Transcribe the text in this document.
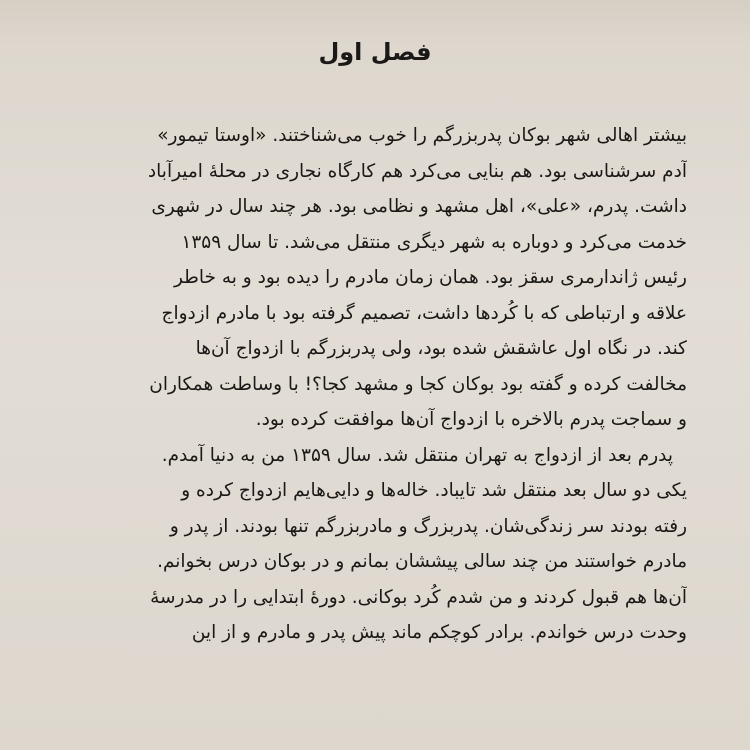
فصل اول
بیشتر اهالی شهر بوکان پدربزرگم را خوب می‌شناختند. «اوستا تیمور»
آدم سرشناسی بود. هم بنایی می‌کرد هم کارگاه نجاری در محلهٔ امیرآباد
داشت. پدرم، «علی»، اهل مشهد و نظامی بود. هر چند سال در شهری
خدمت می‌کرد و دوباره به شهر دیگری منتقل می‌شد. تا سال ۱۳۵۹
رئیس ژاندارمری سقز بود. همان زمان مادرم را دیده بود و به خاطر
علاقه و ارتباطی که با کُردها داشت، تصمیم گرفته بود با مادرم ازدواج
کند. در نگاه اول عاشقش شده بود، ولی پدربزرگم با ازدواج آن‌ها
مخالفت کرده و گفته بود بوکان کجا و مشهد کجا؟! با وساطت همکاران
و سماجت پدرم بالاخره با ازدواج آن‌ها موافقت کرده بود.
پدرم بعد از ازدواج به تهران منتقل شد. سال ۱۳۵۹ من به دنیا آمدم.
یکی دو سال بعد منتقل شد تایباد. خاله‌ها و دایی‌هایم ازدواج کرده و
رفته بودند سر زندگی‌شان. پدربزرگ و مادربزرگم تنها بودند. از پدر و
مادرم خواستند من چند سالی پیششان بمانم و در بوکان درس بخوانم.
آن‌ها هم قبول کردند و من شدم کُرد بوکانی. دورهٔ ابتدایی را در مدرسهٔ
وحدت درس خواندم. برادر کوچکم ماند پیش پدر و مادرم و از این
